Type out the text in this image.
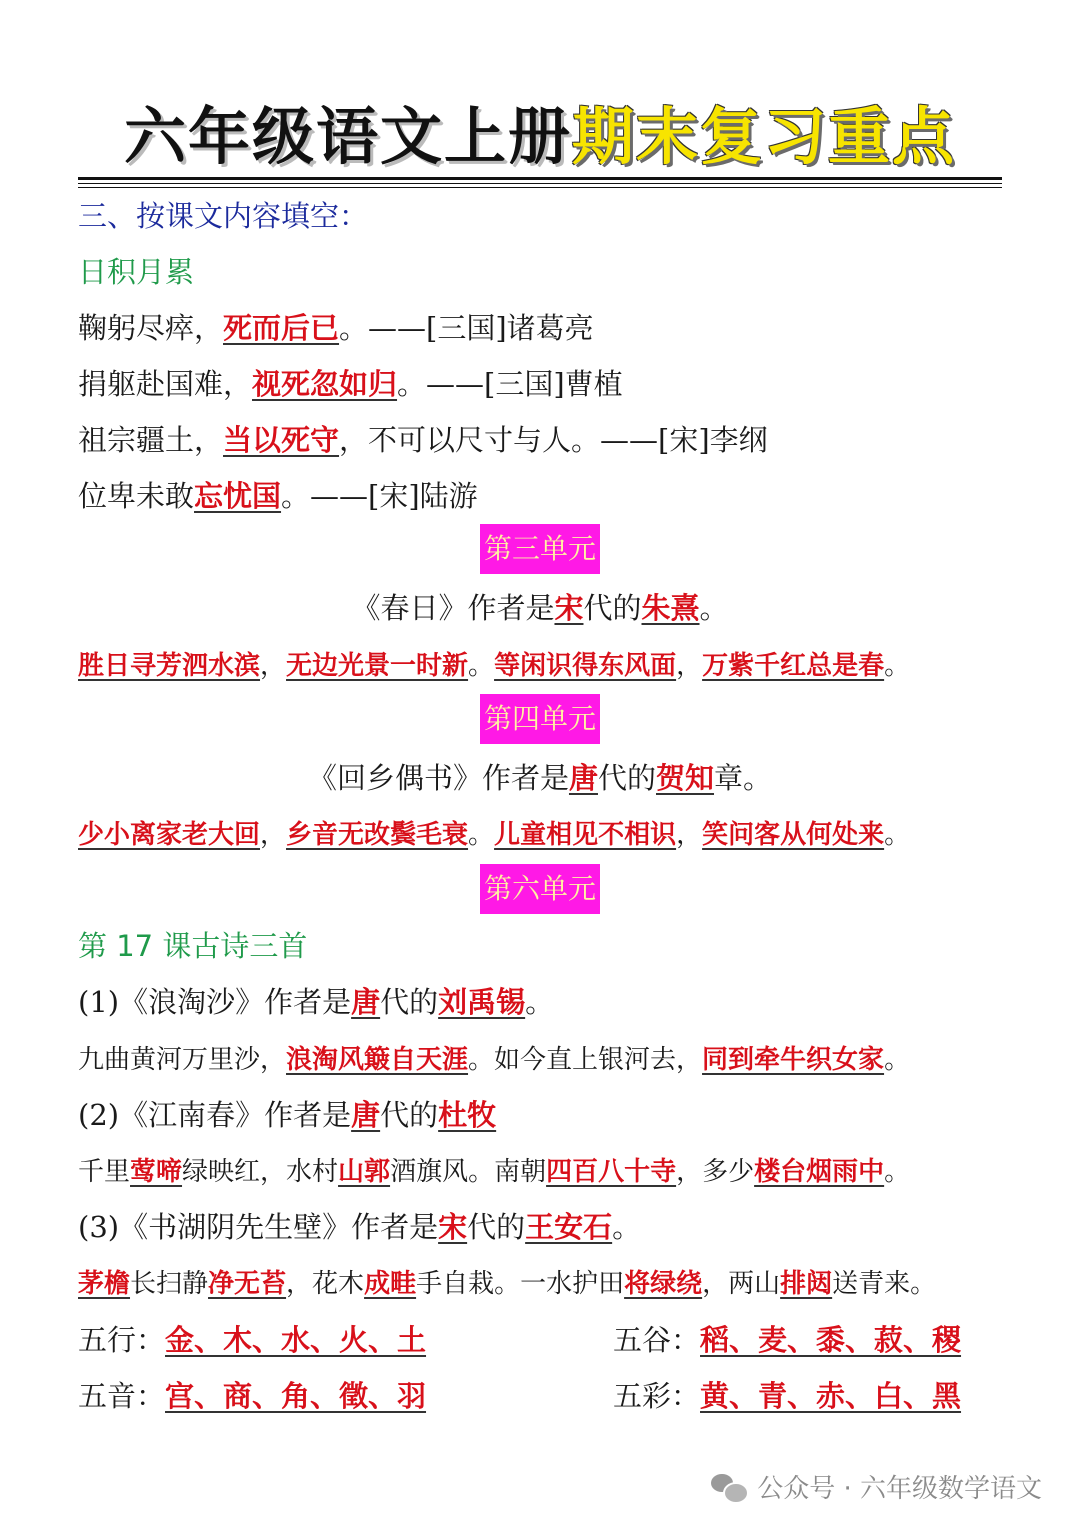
六年级语文上册期末复习重点
三、按课文内容填空：
日积月累
鞠躬尽瘁，死而后已。——[三国]诸葛亮
捐躯赴国难，视死忽如归。——[三国]曹植
祖宗疆土，当以死守，不可以尺寸与人。——[宋]李纲
位卑未敢忘忧国。——[宋]陆游
第三单元
《春日》作者是宋代的朱熹。
胜日寻芳泗水滨，无边光景一时新。等闲识得东风面，万紫千红总是春。
第四单元
《回乡偶书》作者是唐代的贺知章。
少小离家老大回，乡音无改鬓毛衰。儿童相见不相识，笑问客从何处来。
第六单元
第 17 课古诗三首
(1)《浪淘沙》作者是唐代的刘禹锡。
九曲黄河万里沙，浪淘风簸自天涯。如今直上银河去，同到牵牛织女家。
(2)《江南春》作者是唐代的杜牧
千里莺啼绿映红，水村山郭酒旗风。南朝四百八十寺，多少楼台烟雨中。
(3)《书湖阴先生壁》作者是宋代的王安石。
茅檐长扫静净无苔，花木成畦手自栽。一水护田将绿绕，两山排闼送青来。
五行：金、木、水、火、土	五谷：稻、麦、黍、菽、稷
五音：宫、商、角、徵、羽	五彩：黄、青、赤、白、黑
公众号 · 六年级数学语文
